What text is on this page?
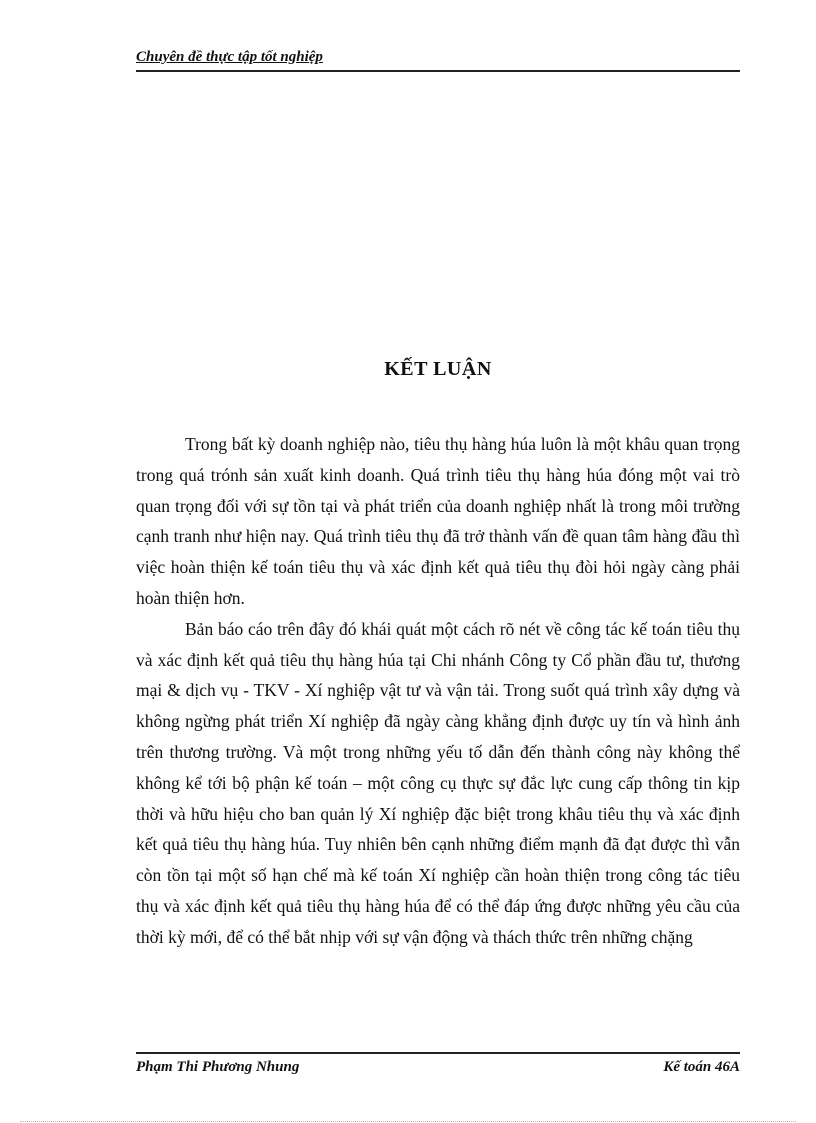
Chuyên đề thực tập tốt nghiệp
KẾT LUẬN

Trong bất kỳ doanh nghiệp nào, tiêu thụ hàng húa luôn là một khâu quan trọng trong quá trónh sản xuất kinh doanh. Quá trình tiêu thụ hàng húa đóng một vai trò quan trọng đối với sự tồn tại và phát triển của doanh nghiệp nhất là trong môi trường cạnh tranh như hiện nay. Quá trình tiêu thụ đã trở thành vấn đề quan tâm hàng đầu thì việc hoàn thiện kế toán tiêu thụ và xác định kết quả tiêu thụ đòi hỏi ngày càng phải hoàn thiện hơn.

Bản báo cáo trên đây đó khái quát một cách rõ nét về công tác kế toán tiêu thụ và xác định kết quả tiêu thụ hàng húa tại Chi nhánh Công ty Cổ phần đầu tư, thương mại & dịch vụ - TKV - Xí nghiệp vật tư và vận tải. Trong suốt quá trình xây dựng và không ngừng phát triển Xí nghiệp đã ngày càng khẳng định được uy tín và hình ảnh trên thương trường. Và một trong những yếu tố dẫn đến thành công này không thể không kể tới bộ phận kế toán – một công cụ thực sự đắc lực cung cấp thông tin kịp thời và hữu hiệu cho ban quản lý Xí nghiệp đặc biệt trong khâu tiêu thụ và xác định kết quả tiêu thụ hàng húa. Tuy nhiên bên cạnh những điểm mạnh đã đạt được thì vẫn còn tồn tại một số hạn chế mà kế toán Xí nghiệp cần hoàn thiện trong công tác tiêu thụ và xác định kết quả tiêu thụ hàng húa để có thể đáp ứng được những yêu cầu của thời kỳ mới, để có thể bắt nhịp với sự vận động và thách thức trên những chặng

Phạm Thi Phương Nhung	Kế toán 46A
